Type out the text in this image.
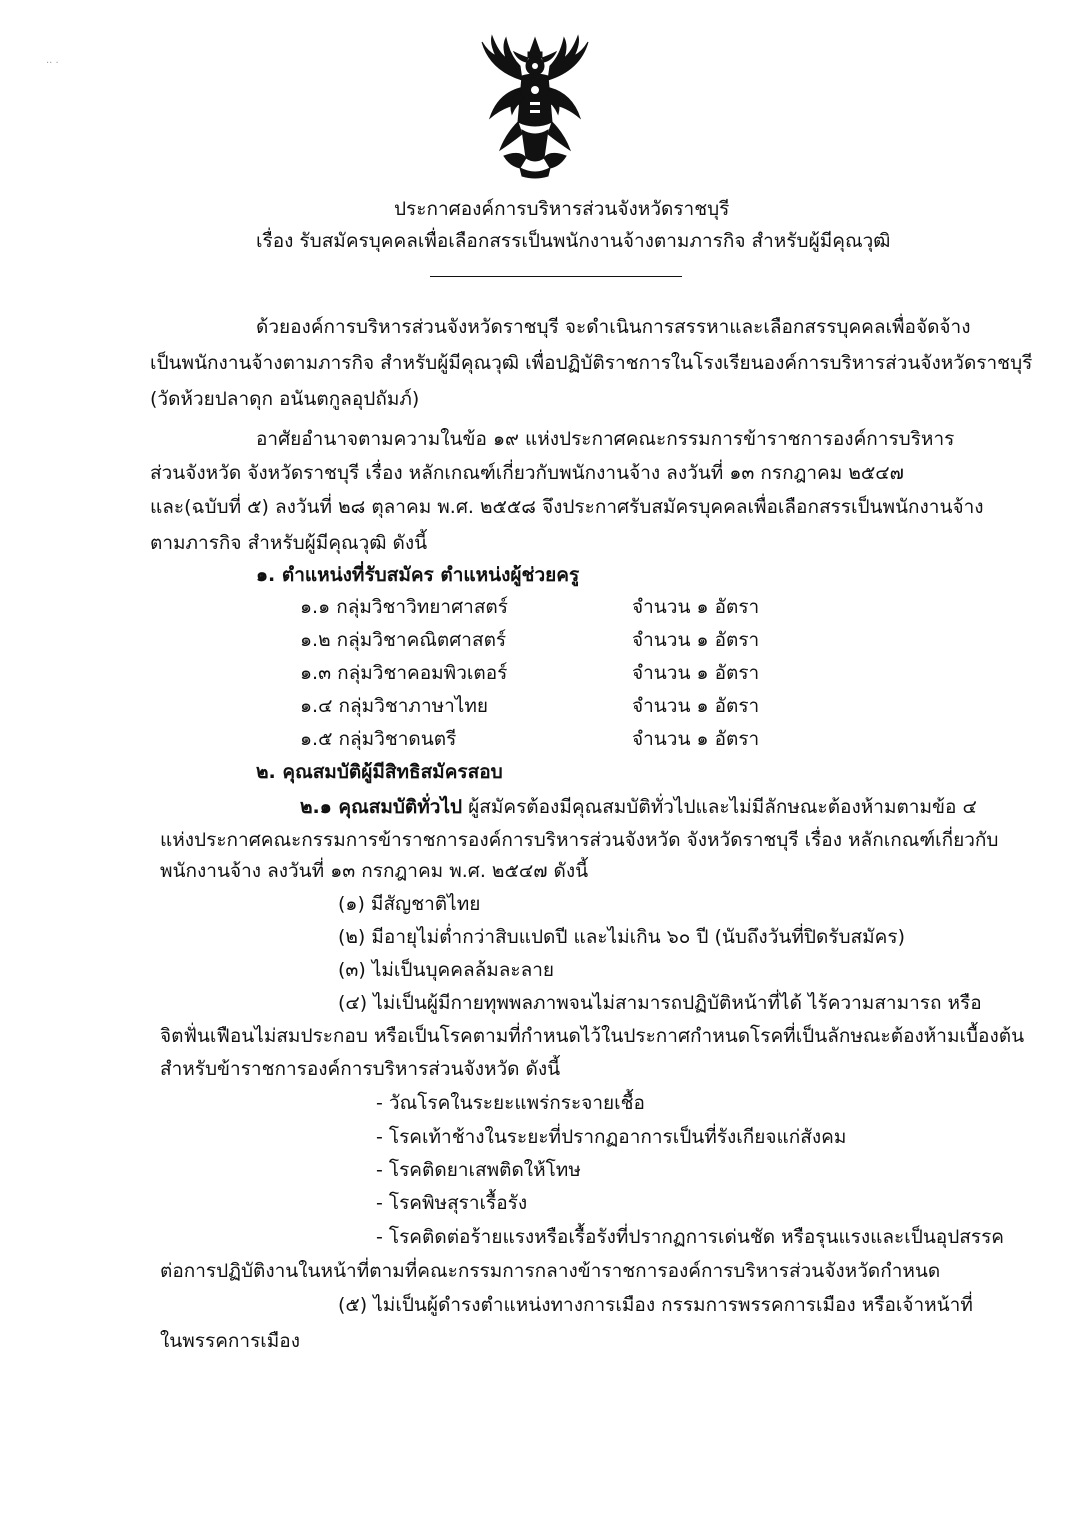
·· ·
ประกาศองค์การบริหารส่วนจังหวัดราชบุรี
เรื่อง รับสมัครบุคคลเพื่อเลือกสรรเป็นพนักงานจ้างตามภารกิจ สำหรับผู้มีคุณวุฒิ
ด้วยองค์การบริหารส่วนจังหวัดราชบุรี จะดำเนินการสรรหาและเลือกสรรบุคคลเพื่อจัดจ้าง
เป็นพนักงานจ้างตามภารกิจ สำหรับผู้มีคุณวุฒิ เพื่อปฏิบัติราชการในโรงเรียนองค์การบริหารส่วนจังหวัดราชบุรี
(วัดห้วยปลาดุก อนันตกูลอุปถัมภ์)
อาศัยอำนาจตามความในข้อ ๑๙ แห่งประกาศคณะกรรมการข้าราชการองค์การบริหาร
ส่วนจังหวัด จังหวัดราชบุรี เรื่อง หลักเกณฑ์เกี่ยวกับพนักงานจ้าง ลงวันที่ ๑๓ กรกฎาคม ๒๕๔๗
และ(ฉบับที่ ๕) ลงวันที่ ๒๘ ตุลาคม พ.ศ. ๒๕๕๘ จึงประกาศรับสมัครบุคคลเพื่อเลือกสรรเป็นพนักงานจ้าง
ตามภารกิจ สำหรับผู้มีคุณวุฒิ ดังนี้
๑. ตำแหน่งที่รับสมัคร ตำแหน่งผู้ช่วยครู
๑.๑ กลุ่มวิชาวิทยาศาสตร์	จำนวน ๑ อัตรา
๑.๒ กลุ่มวิชาคณิตศาสตร์	จำนวน ๑ อัตรา
๑.๓ กลุ่มวิชาคอมพิวเตอร์	จำนวน ๑ อัตรา
๑.๔ กลุ่มวิชาภาษาไทย	จำนวน ๑ อัตรา
๑.๕ กลุ่มวิชาดนตรี	จำนวน ๑ อัตรา
๒. คุณสมบัติผู้มีสิทธิสมัครสอบ
๒.๑ คุณสมบัติทั่วไป ผู้สมัครต้องมีคุณสมบัติทั่วไปและไม่มีลักษณะต้องห้ามตามข้อ ๔
แห่งประกาศคณะกรรมการข้าราชการองค์การบริหารส่วนจังหวัด จังหวัดราชบุรี เรื่อง หลักเกณฑ์เกี่ยวกับ
พนักงานจ้าง ลงวันที่ ๑๓ กรกฎาคม พ.ศ. ๒๕๔๗ ดังนี้
(๑) มีสัญชาติไทย
(๒) มีอายุไม่ต่ำกว่าสิบแปดปี และไม่เกิน ๖๐ ปี (นับถึงวันที่ปิดรับสมัคร)
(๓) ไม่เป็นบุคคลล้มละลาย
(๔) ไม่เป็นผู้มีกายทุพพลภาพจนไม่สามารถปฏิบัติหน้าที่ได้ ไร้ความสามารถ หรือ
จิตฟั่นเฟือนไม่สมประกอบ หรือเป็นโรคตามที่กำหนดไว้ในประกาศกำหนดโรคที่เป็นลักษณะต้องห้ามเบื้องต้น
สำหรับข้าราชการองค์การบริหารส่วนจังหวัด ดังนี้
- วัณโรคในระยะแพร่กระจายเชื้อ
- โรคเท้าช้างในระยะที่ปรากฏอาการเป็นที่รังเกียจแก่สังคม
- โรคติดยาเสพติดให้โทษ
- โรคพิษสุราเรื้อรัง
- โรคติดต่อร้ายแรงหรือเรื้อรังที่ปรากฏการเด่นชัด หรือรุนแรงและเป็นอุปสรรค
ต่อการปฏิบัติงานในหน้าที่ตามที่คณะกรรมการกลางข้าราชการองค์การบริหารส่วนจังหวัดกำหนด
(๕) ไม่เป็นผู้ดำรงตำแหน่งทางการเมือง กรรมการพรรคการเมือง หรือเจ้าหน้าที่
ในพรรคการเมือง
